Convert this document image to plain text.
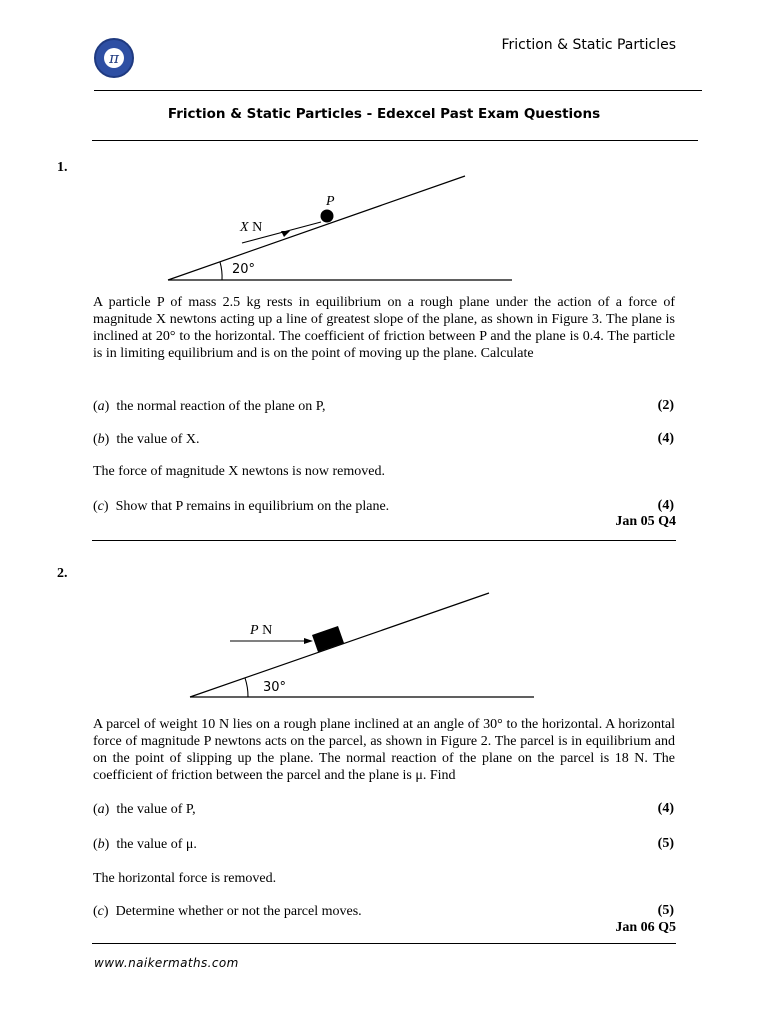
π
Friction & Static Particles
Friction & Static Particles - Edexcel Past Exam Questions
1.
20°
P
X N
A particle P of mass 2.5 kg rests in equilibrium on a rough plane under the action of a force of magnitude X newtons acting up a line of greatest slope of the plane, as shown in Figure 3. The plane is inclined at 20° to the horizontal. The coefficient of friction between P and the plane is 0.4. The particle is in limiting equilibrium and is on the point of moving up the plane. Calculate
(a)  the normal reaction of the plane on P,	(2)
(b)  the value of X.	(4)
The force of magnitude X newtons is now removed.
(c)  Show that P remains in equilibrium on the plane.	(4)
Jan 05 Q4
2.
30°
P N
A parcel of weight 10 N lies on a rough plane inclined at an angle of 30° to the horizontal. A horizontal force of magnitude P newtons acts on the parcel, as shown in Figure 2. The parcel is in equilibrium and on the point of slipping up the plane. The normal reaction of the plane on the parcel is 18 N. The coefficient of friction between the parcel and the plane is μ. Find
(a)  the value of P,	(4)
(b)  the value of μ.	(5)
The horizontal force is removed.
(c)  Determine whether or not the parcel moves.	(5)
Jan 06 Q5
www.naikermaths.com
